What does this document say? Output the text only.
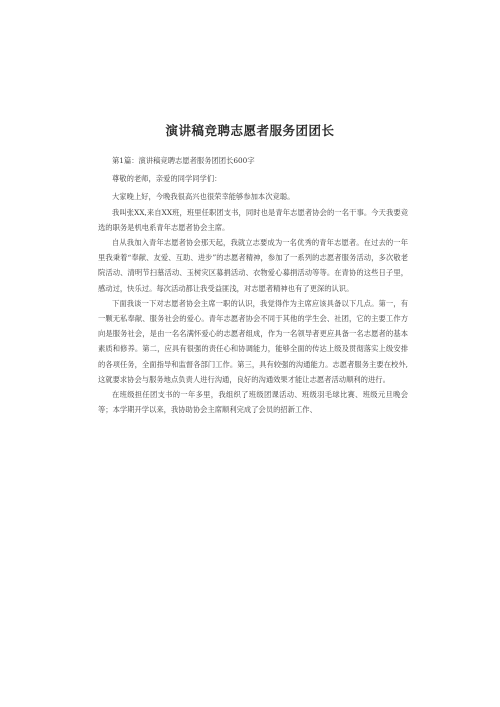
演讲稿竞聘志愿者服务团团长

第1篇：演讲稿竞聘志愿者服务团团长600字

尊敬的老师，亲爱的同学同学们：

大家晚上好，今晚我很高兴也很荣幸能够参加本次竞聪。

我叫张XX,来自XX班，班里任职团支书，同时也是青年志愿者协会的一名干事。今天我要竞选的职务是机电系青年志愿者协会主席。

自从我加入青年志愿者协会那天起，我就立志要成为一名优秀的青年志愿者。在过去的一年里我秉着“奉献、友爱、互助、进步”的志愿者精神，参加了一系列的志愿者服务活动，多次敬老院活动、清明节扫墓活动、玉树灾区募捐活动、衣物爱心募捐活动等等。在青协的这些日子里，感动过，快乐过。每次活动都让我受益匪浅，对志愿者精神也有了更深的认识。

下面我谈一下对志愿者协会主席一职的认识，我觉得作为主席应该具备以下几点。第一，有一颗无私奉献、服务社会的爱心。青年志愿者协会不同于其他的学生会、社团，它的主要工作方向是服务社会，是由一名名满怀爱心的志愿者组成，作为一名领导者更应具备一名志愿者的基本素质和修养。第二，应具有很强的责任心和协调能力，能够全面的传达上级及贯彻落实上级安排的各项任务，全面指导和监督各部门工作。第三，具有较强的沟通能力。志愿者服务主要在校外,这就要求协会与服务地点负责人进行沟通，良好的沟通效果才能让志愿者活动顺利的进行。

在班级担任团支书的一年多里，我组织了班级团课活动、班级羽毛球比赛、班级元旦晚会等；本学期开学以来，我协助协会主席顺利完成了会员的招新工作、
